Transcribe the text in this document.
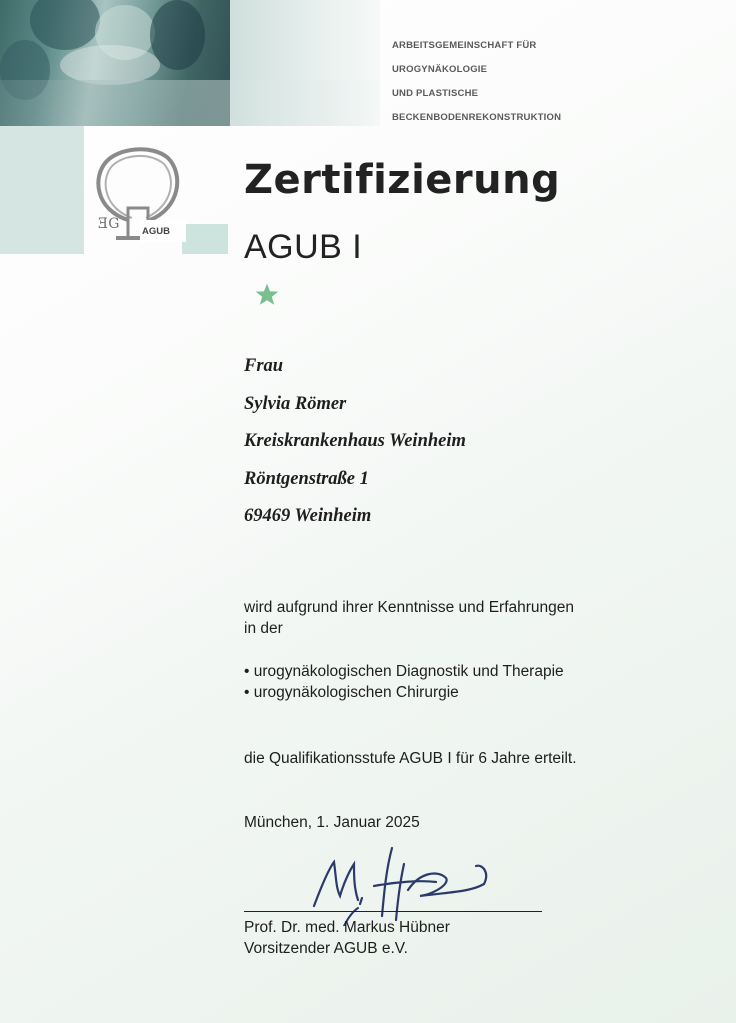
ARBEITSGEMEINSCHAFT FÜR
UROGYNÄKOLOGIE
UND PLASTISCHE
BECKENBODENREKONSTRUKTION
ƎG AGUB
Zertifizierung
AGUB I
Frau
Sylvia Römer
Kreiskrankenhaus Weinheim
Röntgenstraße 1
69469 Weinheim
wird aufgrund ihrer Kenntnisse und Erfahrungen
in der
• urogynäkologischen Diagnostik und Therapie
• urogynäkologischen Chirurgie
die Qualifikationsstufe AGUB I für 6 Jahre erteilt.
München, 1. Januar 2025
Prof. Dr. med. Markus Hübner
Vorsitzender AGUB e.V.
